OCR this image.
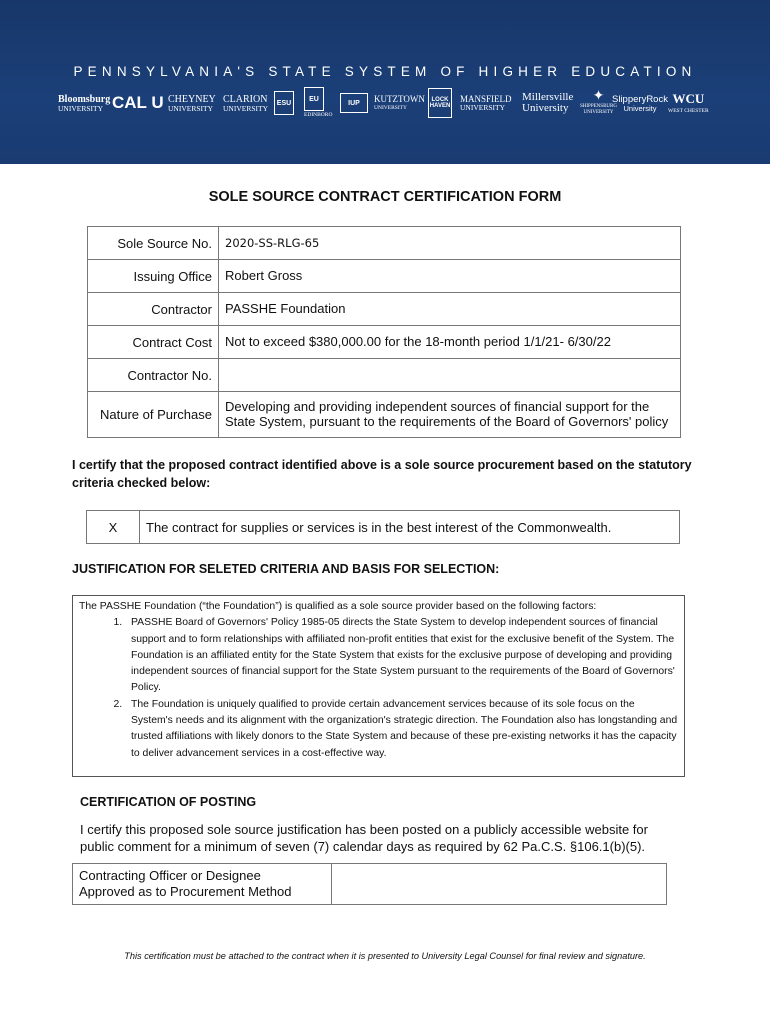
PENNSYLVANIA'S STATE SYSTEM OF HIGHER EDUCATION
Bloomsburg
UNIVERSITY CAL U CHEYNEY
UNIVERSITY
CLARION
UNIVERSITY
ESU
EU
EDINBORO
IUP	KUTZTOWN
UNIVERSITY
LOCK
HAVEN
MANSFIELD
UNIVERSITY
Millersville
University
✦
SHIPPENSBURG
UNIVERSITY
SlipperyRock
University
WCU
WEST CHESTER
SOLE SOURCE CONTRACT CERTIFICATION FORM
Sole Source No.	2020-SS-RLG-65
Issuing Office	Robert Gross
Contractor	PASSHE Foundation
Contract Cost	Not to exceed $380,000.00 for the 18-month period 1/1/21- 6/30/22
Contractor No.	
Nature of Purchase	Developing and providing independent sources of financial support for the State System, pursuant to the requirements of the Board of Governors' policy
I certify that the proposed contract identified above is a sole source procurement based on the statutory criteria checked below:
X	The contract for supplies or services is in the best interest of the Commonwealth.
JUSTIFICATION FOR SELETED CRITERIA AND BASIS FOR SELECTION:
The PASSHE Foundation (“the Foundation”) is qualified as a sole source provider based on the following factors:
1. PASSHE Board of Governors' Policy 1985-05 directs the State System to develop independent sources of financial support and to form relationships with affiliated non-profit entities that exist for the exclusive benefit of the System. The Foundation is an affiliated entity for the State System that exists for the exclusive purpose of developing and providing independent sources of financial support for the State System pursuant to the requirements of the Board of Governors' Policy.
2. The Foundation is uniquely qualified to provide certain advancement services because of its sole focus on the System's needs and its alignment with the organization's strategic direction. The Foundation also has longstanding and trusted affiliations with likely donors to the State System and because of these pre-existing networks it has the capacity to deliver advancement services in a cost-effective way.
CERTIFICATION OF POSTING
I certify this proposed sole source justification has been posted on a publicly accessible website for public comment for a minimum of seven (7) calendar days as required by 62 Pa.C.S. §106.1(b)(5).
Contracting Officer or Designee
Approved as to Procurement Method

This certification must be attached to the contract when it is presented to University Legal Counsel for final review and signature.
